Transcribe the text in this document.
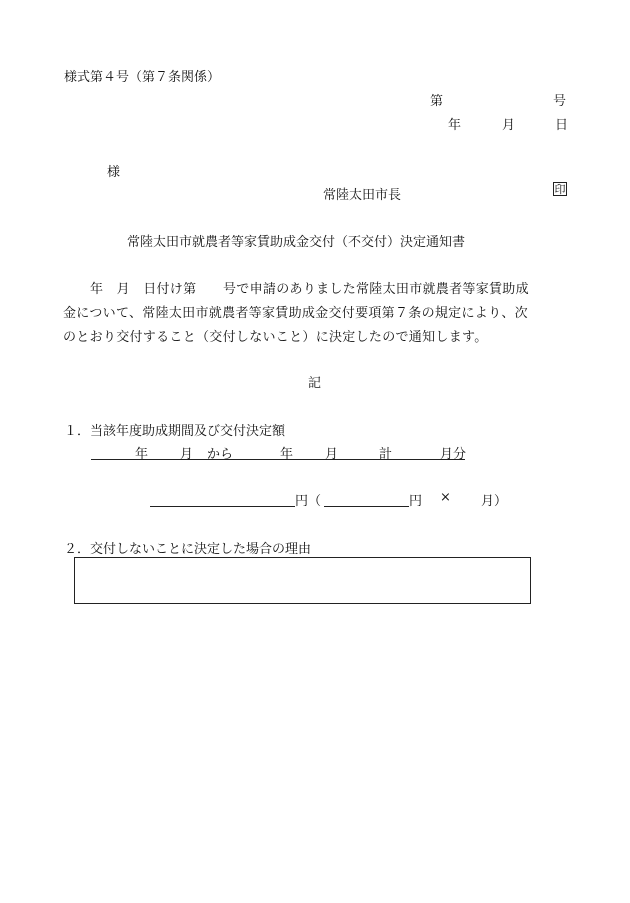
様式第４号（第７条関係）
第	号
年	月	日
様
常陸太田市長	印
常陸太田市就農者等家賃助成金交付（不交付）決定通知書
年　月　日付け第　　号で申請のありました常陸太田市就農者等家賃助成
金について、常陸太田市就農者等家賃助成金交付要項第７条の規定により、次
のとおり交付すること（交付しないこと）に決定したので通知します。
記
１．当該年度助成期間及び交付決定額
年 月 から	年 月	計	月分
円（	円 × 月）
２．交付しないことに決定した場合の理由
